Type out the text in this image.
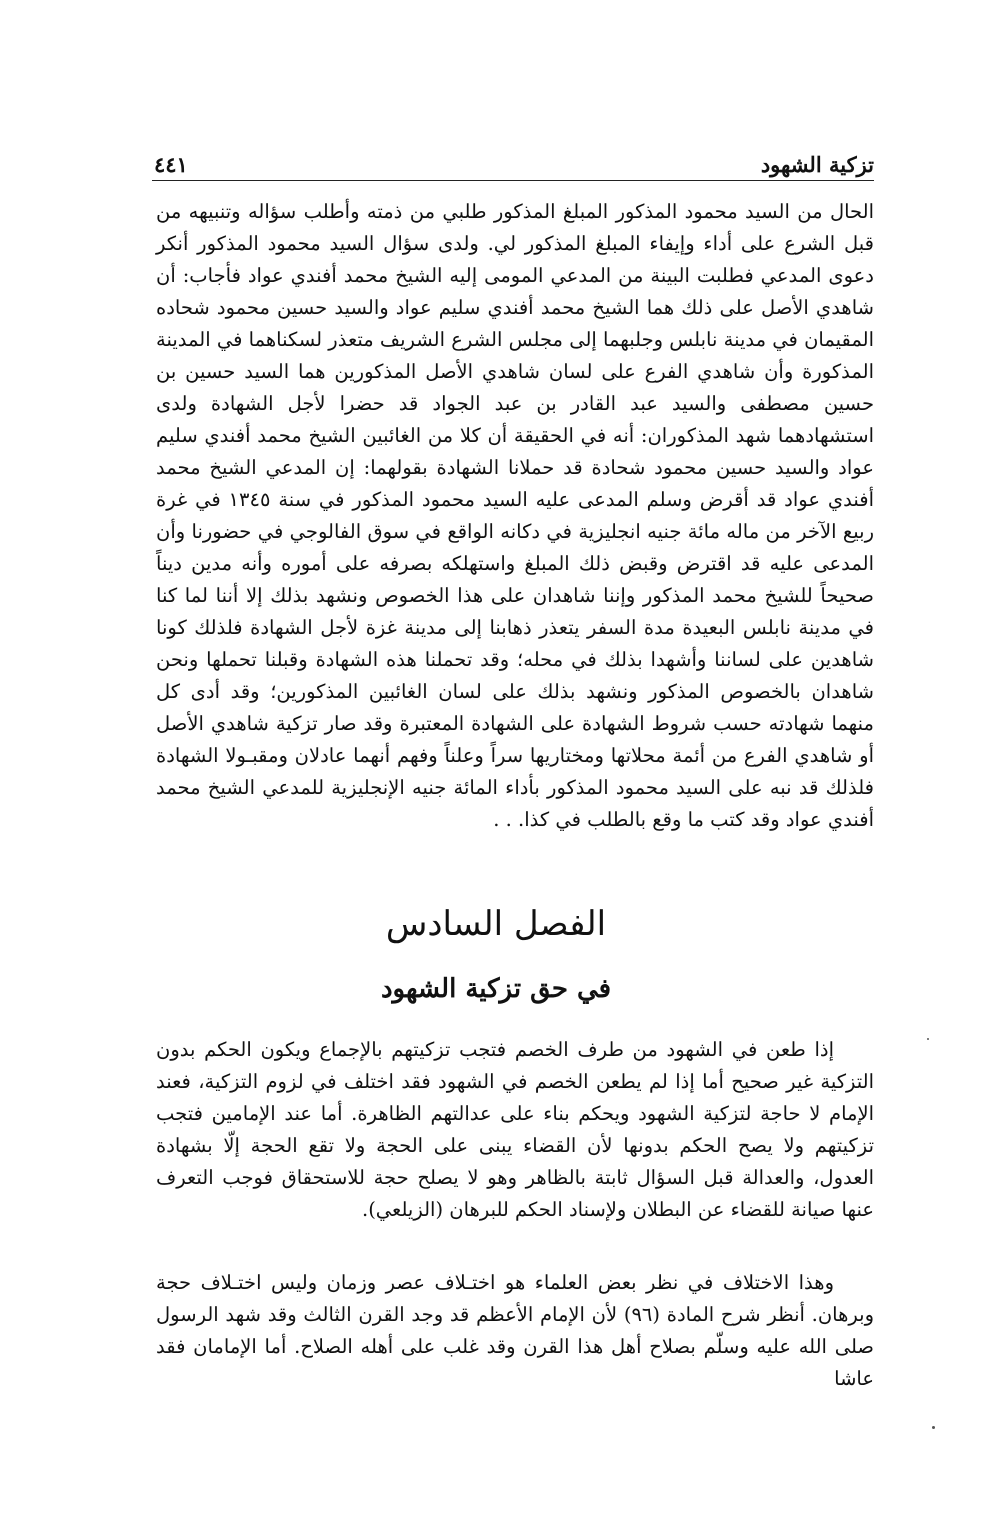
تزكية الشهود
٤٤١

الحال من السيد محمود المذكور المبلغ المذكور طلبي من ذمته وأطلب سؤاله وتنبيهه من قبل الشرع على أداء وإيفاء المبلغ المذكور لي. ولدى سؤال السيد محمود المذكور أنكر دعوى المدعي فطلبت البينة من المدعي المومى إليه الشيخ محمد أفندي عواد فأجاب: أن شاهدي الأصل على ذلك هما الشيخ محمد أفندي سليم عواد والسيد حسين محمود شحاده المقيمان في مدينة نابلس وجلبهما إلى مجلس الشرع الشريف متعذر لسكناهما في المدينة المذكورة وأن شاهدي الفرع على لسان شاهدي الأصل المذكورين هما السيد حسين بن حسين مصطفى والسيد عبد القادر بن عبد الجواد قد حضرا لأجل الشهادة ولدى استشهادهما شهد المذكوران: أنه في الحقيقة أن كلا من الغائبين الشيخ محمد أفندي سليم عواد والسيد حسين محمود شحادة قد حملانا الشهادة بقولهما: إن المدعي الشيخ محمد أفندي عواد قد أقرض وسلم المدعى عليه السيد محمود المذكور في سنة ١٣٤٥ في غرة ربيع الآخر من ماله مائة جنيه انجليزية في دكانه الواقع في سوق الفالوجي في حضورنا وأن المدعى عليه قد اقترض وقبض ذلك المبلغ واستهلكه بصرفه على أموره وأنه مدين ديناً صحيحاً للشيخ محمد المذكور وإننا شاهدان على هذا الخصوص ونشهد بذلك إلا أننا لما كنا في مدينة نابلس البعيدة مدة السفر يتعذر ذهابنا إلى مدينة غزة لأجل الشهادة فلذلك كونا شاهدين على لساننا وأشهدا بذلك في محله؛ وقد تحملنا هذه الشهادة وقبلنا تحملها ونحن شاهدان بالخصوص المذكور ونشهد بذلك على لسان الغائبين المذكورين؛ وقد أدى كل منهما شهادته حسب شروط الشهادة على الشهادة المعتبرة وقد صار تزكية شاهدي الأصل أو شاهدي الفرع من أئمة محلاتها ومختاريها سراً وعلناً وفهم أنهما عادلان ومقبـولا الشهادة فلذلك قد نبه على السيد محمود المذكور بأداء المائة جنيه الإنجليزية للمدعي الشيخ محمد أفندي عواد وقد كتب ما وقع بالطلب في كذا. . .

الفصل السادس
في حق تزكية الشهود

إذا طعن في الشهود من طرف الخصم فتجب تزكيتهم بالإجماع ويكون الحكم بدون التزكية غير صحيح أما إذا لم يطعن الخصم في الشهود فقد اختلف في لزوم التزكية، فعند الإمام لا حاجة لتزكية الشهود ويحكم بناء على عدالتهم الظاهرة. أما عند الإمامين فتجب تزكيتهم ولا يصح الحكم بدونها لأن القضاء يبنى على الحجة ولا تقع الحجة إلّا بشهادة العدول، والعدالة قبل السؤال ثابتة بالظاهر وهو لا يصلح حجة للاستحقاق فوجب التعرف عنها صيانة للقضاء عن البطلان ولإسناد الحكم للبرهان (الزيلعي).

وهذا الاختلاف في نظر بعض العلماء هو اختـلاف عصر وزمان وليس اختـلاف حجة وبرهان. أنظر شرح المادة (٩٦) لأن الإمام الأعظم قد وجد القرن الثالث وقد شهد الرسول صلى الله عليه وسلّم بصلاح أهل هذا القرن وقد غلب على أهله الصلاح. أما الإمامان فقد عاشا
